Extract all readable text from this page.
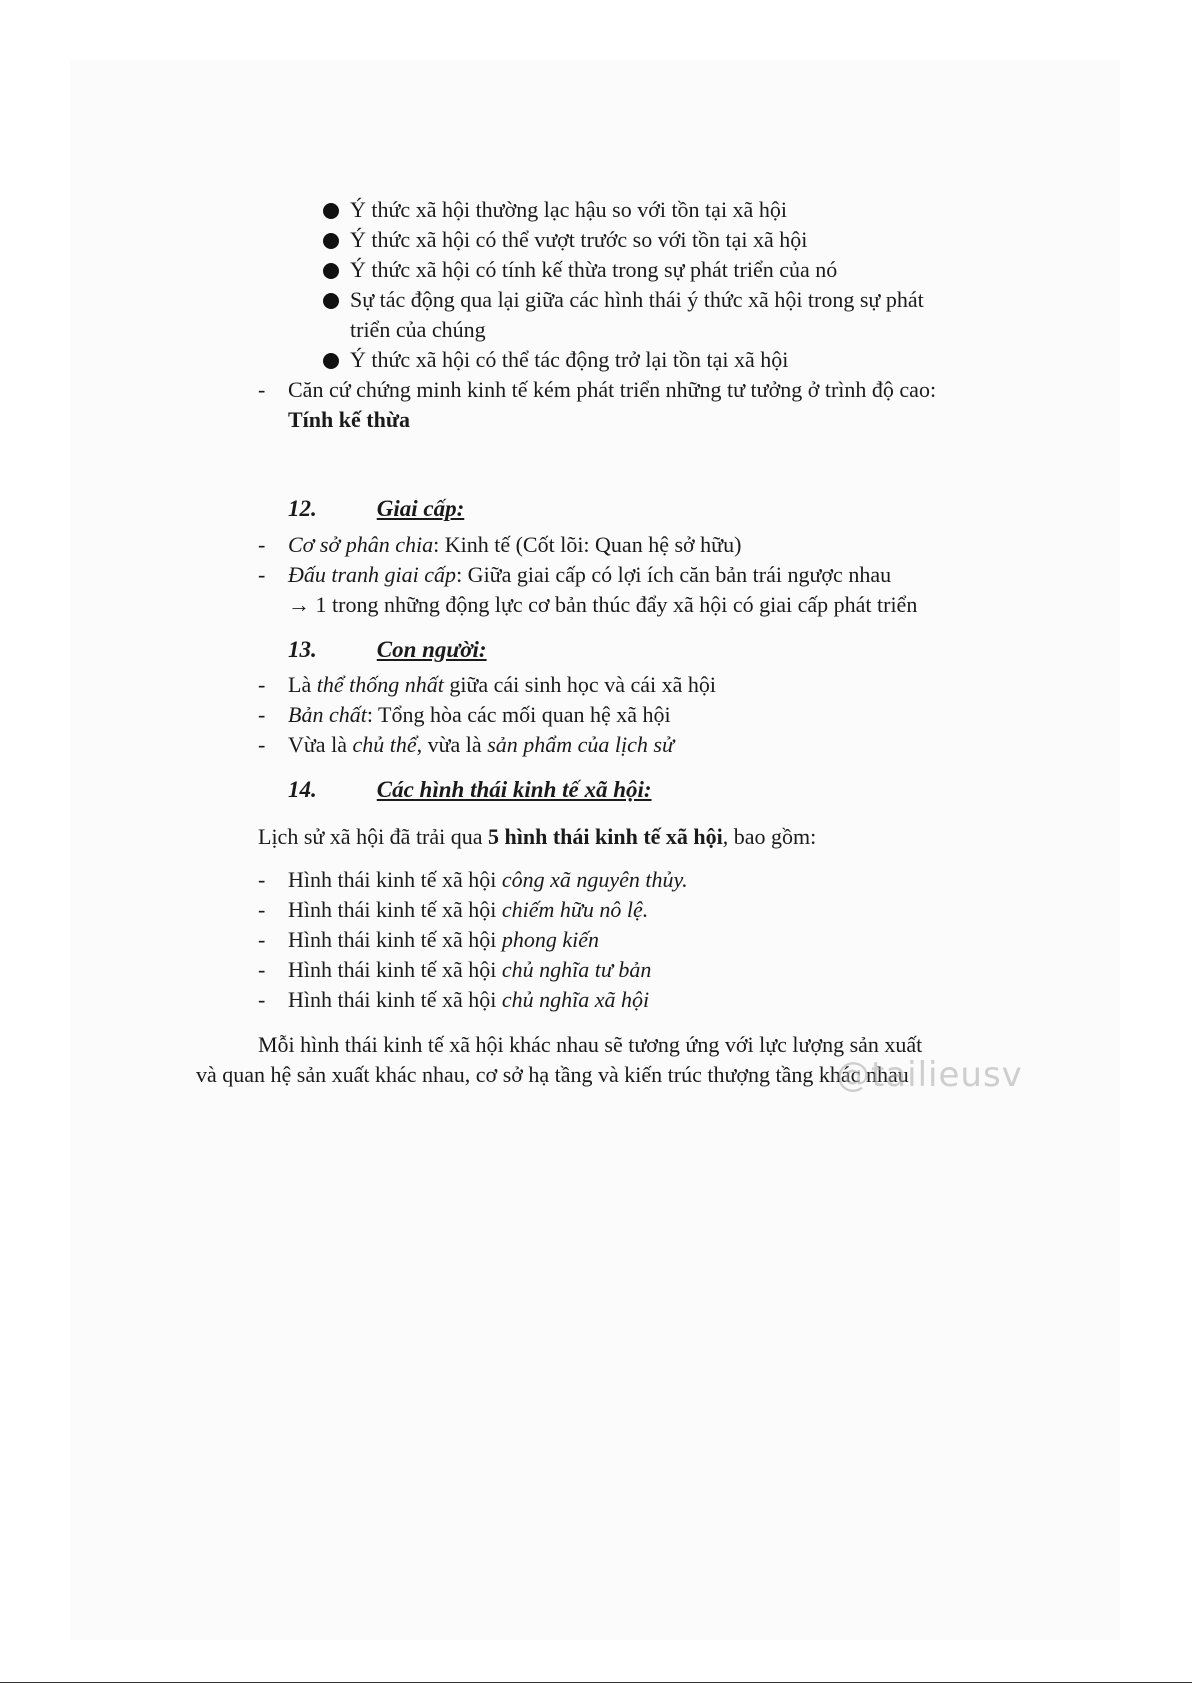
Ý thức xã hội thường lạc hậu so với tồn tại xã hội
Ý thức xã hội có thể vượt trước so với tồn tại xã hội
Ý thức xã hội có tính kế thừa trong sự phát triển của nó
Sự tác động qua lại giữa các hình thái ý thức xã hội trong sự phát
triển của chúng
Ý thức xã hội có thể tác động trở lại tồn tại xã hội
- Căn cứ chứng minh kinh tế kém phát triển những tư tưởng ở trình độ cao:
Tính kế thừa
12.	Giai cấp:
- Cơ sở phân chia: Kinh tế (Cốt lõi: Quan hệ sở hữu)
- Đấu tranh giai cấp: Giữa giai cấp có lợi ích căn bản trái ngược nhau
→ 1 trong những động lực cơ bản thúc đẩy xã hội có giai cấp phát triển
13.	Con người:
- Là thể thống nhất giữa cái sinh học và cái xã hội
- Bản chất: Tổng hòa các mối quan hệ xã hội
- Vừa là chủ thể, vừa là sản phẩm của lịch sử
14.	Các hình thái kinh tế xã hội:
Lịch sử xã hội đã trải qua 5 hình thái kinh tế xã hội, bao gồm:
- Hình thái kinh tế xã hội công xã nguyên thủy.
- Hình thái kinh tế xã hội chiếm hữu nô lệ.
- Hình thái kinh tế xã hội phong kiến
- Hình thái kinh tế xã hội chủ nghĩa tư bản
- Hình thái kinh tế xã hội chủ nghĩa xã hội
Mỗi hình thái kinh tế xã hội khác nhau sẽ tương ứng với lực lượng sản xuất
và quan hệ sản xuất khác nhau, cơ sở hạ tầng và kiến trúc thượng tầng khác nhau
@tailieusv
